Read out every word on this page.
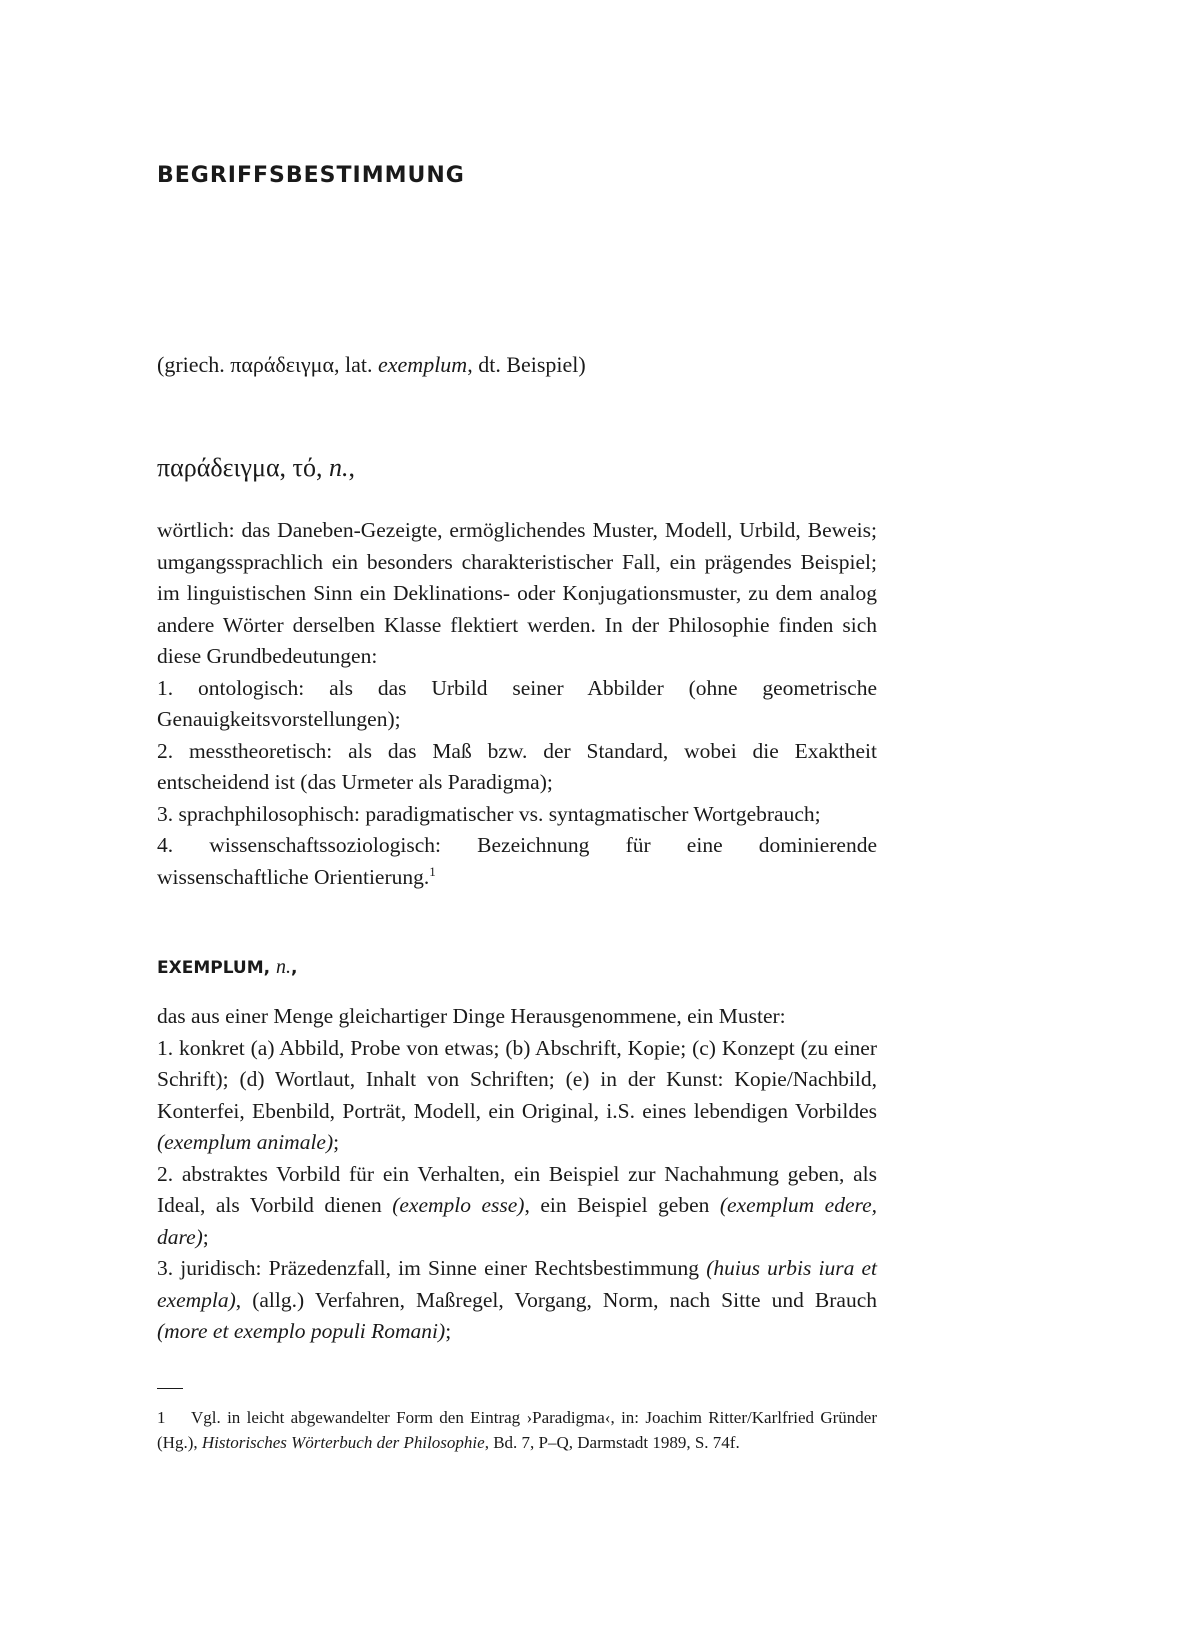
BEGRIFFSBESTIMMUNG

(griech. παράδειγμα, lat. exemplum, dt. Beispiel)

παράδειγμα, τό, n.,

wörtlich: das Daneben-Gezeigte, ermöglichendes Muster, Modell, Urbild, Beweis; umgangssprachlich ein besonders charakteristischer Fall, ein prägendes Beispiel; im linguistischen Sinn ein Deklinations- oder Konjugationsmuster, zu dem analog andere Wörter derselben Klasse flektiert werden. In der Philosophie finden sich diese Grundbedeutungen:

1. ontologisch: als das Urbild seiner Abbilder (ohne geometrische Genauigkeitsvorstellungen);

2. messtheoretisch: als das Maß bzw. der Standard, wobei die Exaktheit entscheidend ist (das Urmeter als Paradigma);

3. sprachphilosophisch: paradigmatischer vs. syntagmatischer Wortgebrauch;

4. wissenschaftssoziologisch: Bezeichnung für eine dominierende wissenschaftliche Orientierung.$^1$

EXEMPLUM, n.,

das aus einer Menge gleichartiger Dinge Herausgenommene, ein Muster:

1. konkret (a) Abbild, Probe von etwas; (b) Abschrift, Kopie; (c) Konzept (zu einer Schrift); (d) Wortlaut, Inhalt von Schriften; (e) in der Kunst: Kopie/Nachbild, Konterfei, Ebenbild, Porträt, Modell, ein Original, i.S. eines lebendigen Vorbildes (exemplum animale);

2. abstraktes Vorbild für ein Verhalten, ein Beispiel zur Nachahmung geben, als Ideal, als Vorbild dienen (exemplo esse), ein Beispiel geben (exemplum edere, dare);

3. juridisch: Präzedenzfall, im Sinne einer Rechtsbestimmung (huius urbis iura et exempla), (allg.) Verfahren, Maßregel, Vorgang, Norm, nach Sitte und Brauch (more et exemplo populi Romani);

1 Vgl. in leicht abgewandelter Form den Eintrag ›Paradigma‹, in: Joachim Ritter/Karlfried Gründer (Hg.), Historisches Wörterbuch der Philosophie, Bd. 7, P–Q, Darmstadt 1989, S. 74f.
